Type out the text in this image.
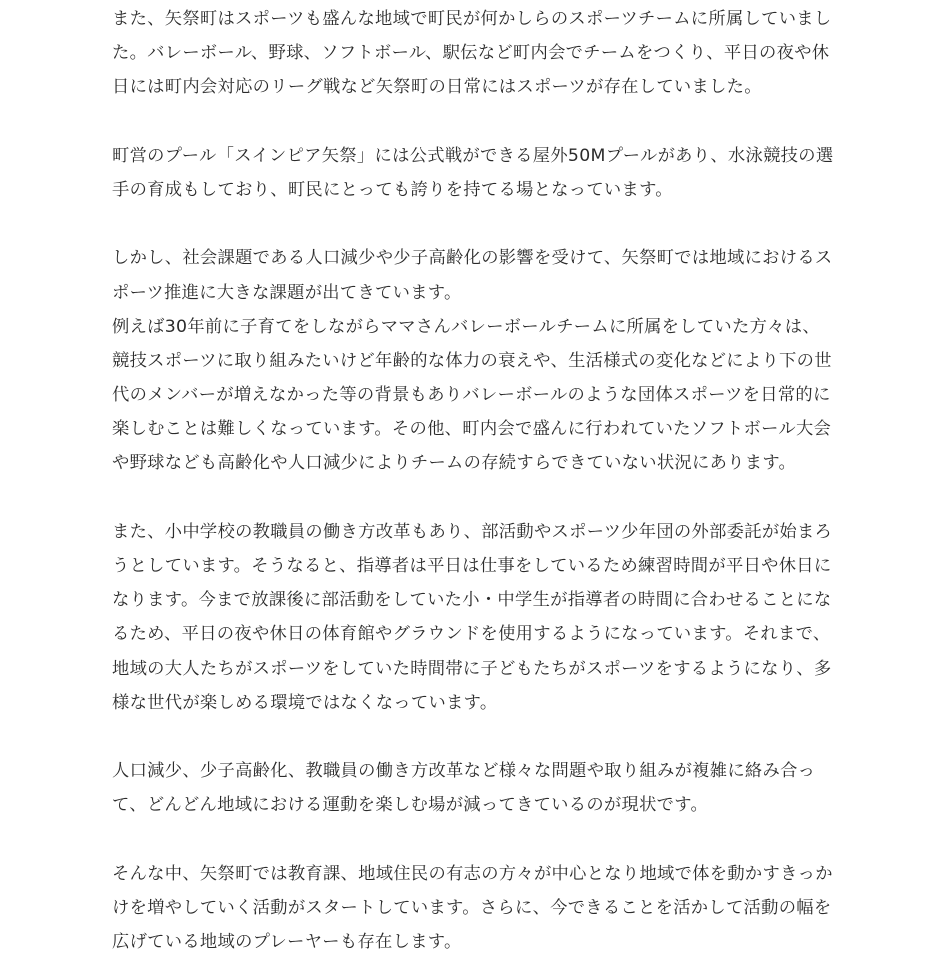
また、矢祭町はスポーツも盛んな地域で町民が何かしらのスポーツチームに所属していまし
た。バレーボール、野球、ソフトボール、駅伝など町内会でチームをつくり、平日の夜や休
日には町内会対応のリーグ戦など矢祭町の日常にはスポーツが存在していました。
町営のプール「スインピア矢祭」には公式戦ができる屋外50Mプールがあり、水泳競技の選
手の育成もしており、町民にとっても誇りを持てる場となっています。
しかし、社会課題である人口減少や少子高齢化の影響を受けて、矢祭町では地域におけるス
ポーツ推進に大きな課題が出てきています。
例えば30年前に子育てをしながらママさんバレーボールチームに所属をしていた方々は、
競技スポーツに取り組みたいけど年齢的な体力の衰えや、生活様式の変化などにより下の世
代のメンバーが増えなかった等の背景もありバレーボールのような団体スポーツを日常的に
楽しむことは難しくなっています。その他、町内会で盛んに行われていたソフトボール大会
や野球なども高齢化や人口減少によりチームの存続すらできていない状況にあります。
また、小中学校の教職員の働き方改革もあり、部活動やスポーツ少年団の外部委託が始まろ
うとしています。そうなると、指導者は平日は仕事をしているため練習時間が平日や休日に
なります。今まで放課後に部活動をしていた小・中学生が指導者の時間に合わせることにな
るため、平日の夜や休日の体育館やグラウンドを使用するようになっています。それまで、
地域の大人たちがスポーツをしていた時間帯に子どもたちがスポーツをするようになり、多
様な世代が楽しめる環境ではなくなっています。
人口減少、少子高齢化、教職員の働き方改革など様々な問題や取り組みが複雑に絡み合っ
て、どんどん地域における運動を楽しむ場が減ってきているのが現状です。
そんな中、矢祭町では教育課、地域住民の有志の方々が中心となり地域で体を動かすきっか
けを増やしていく活動がスタートしています。さらに、今できることを活かして活動の幅を
広げている地域のプレーヤーも存在します。
